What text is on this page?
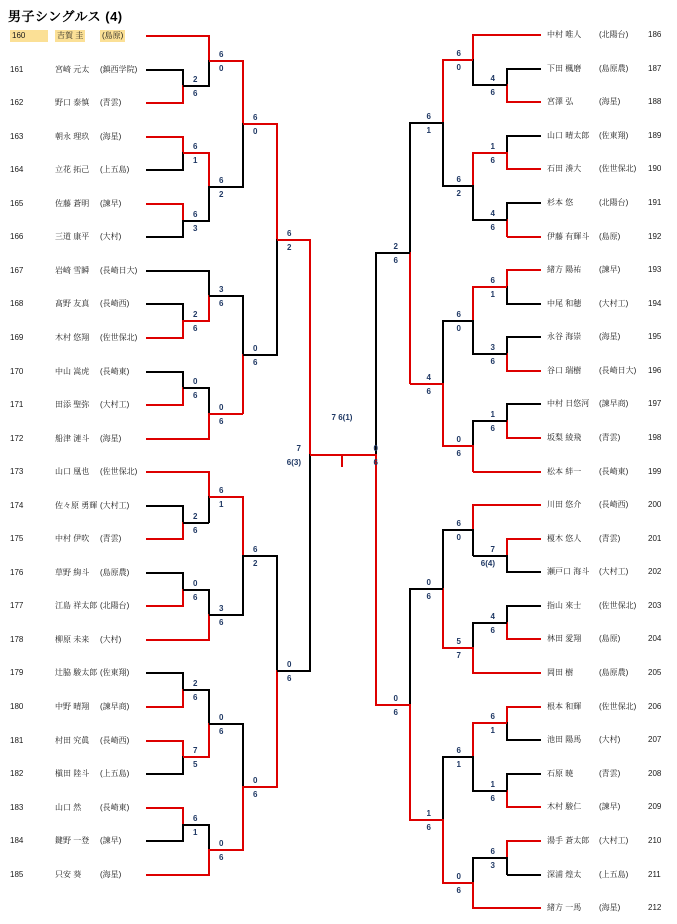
男子シングルス (4)
160	吉賀 圭 (島原)
161	宮崎 元太 (鎮西学院)
162	野口 泰慎 (青雲)
163	朝永 理玖 (海星)
164	立花 拓己 (上五島)
165	佐藤 蒼明 (諫早)
166	三道 康平 (大村)
167	岩崎 雪瞬 (長崎日大)
168	髙野 友真 (長崎西)
169	木村 悠翔 (佐世保北)
170	中山 嵩虎 (長崎東)
171	田添 聖弥 (大村工)
172	船津 漣斗 (海星)
173	山口 凰也 (佐世保北)
174	佐々原 勇輝 (大村工)
175	中村 伊吹 (青雲)
176	草野 絢斗 (島原農)
177	江島 祥太郎 (北陽台)
178	柳原 未来 (大村)
179	辻脇 駿太郎 (佐東翔)
180	中野 晴翔 (諫早商)
181	村田 究眞 (長崎西)
182	槇田 陸斗 (上五島)
183	山口 然 (長崎東)
184	鍵野 一登 (諫早)
185	只安 葵 (海星)
中村 唯人 (北陽台) 186
下田 楓磨 (島原農) 187
宮澤 弘	(海星)	188
山口 晴太郎 (佐東翔) 189
石田 湊大 (佐世保北) 190
杉本 悠	(北陽台) 191
伊藤 有輝斗 (島原)	192
緒方 陽祐 (諫早)	193
中尾 和穂 (大村工) 194
永谷 海崇 (海星)	195
谷口 瑞樹 (長崎日大) 196
中村 日悠河 (諫早商) 197
坂梨 綾飛 (青雲)	198
松本 絆一 (長崎東) 199
川田 悠介 (長崎西) 200
榎木 悠人 (青雲)	201
瀬戸口 海斗 (大村工) 202
指山 來士 (佐世保北) 203
林田 愛翔 (島原)	204
岡田 樹	(島原農) 205
根本 和輝 (佐世保北) 206
池田 陽馬 (大村)	207
石原 暁	(青雲)	208
木村 駿仁 (諫早)	209
湯手 蒼太郎 (大村工) 210
深浦 煌太 (上五島) 211
緒方 一馬 (海星)	212
2
6
6
1
6
3
2
6
0
6
2
6
0
6
2
6
7
5
6
1
6
0
6
2
3
6
0
6
6
1
3
6
0
6
0
6
6
0
0
6
6
2
0
6
6
2
0
6
7
6(3)
4
6
1
6
4
6
6
1
3
6
1
6
7
6(4)
4
6
6
1
1
6
6
3
6
0
6
2
6
0
0
6
6
0
5
7
6
1
0
6
6
1
4
6
0
6
1
6
2
6
0
6
0
6
7 6(1)
